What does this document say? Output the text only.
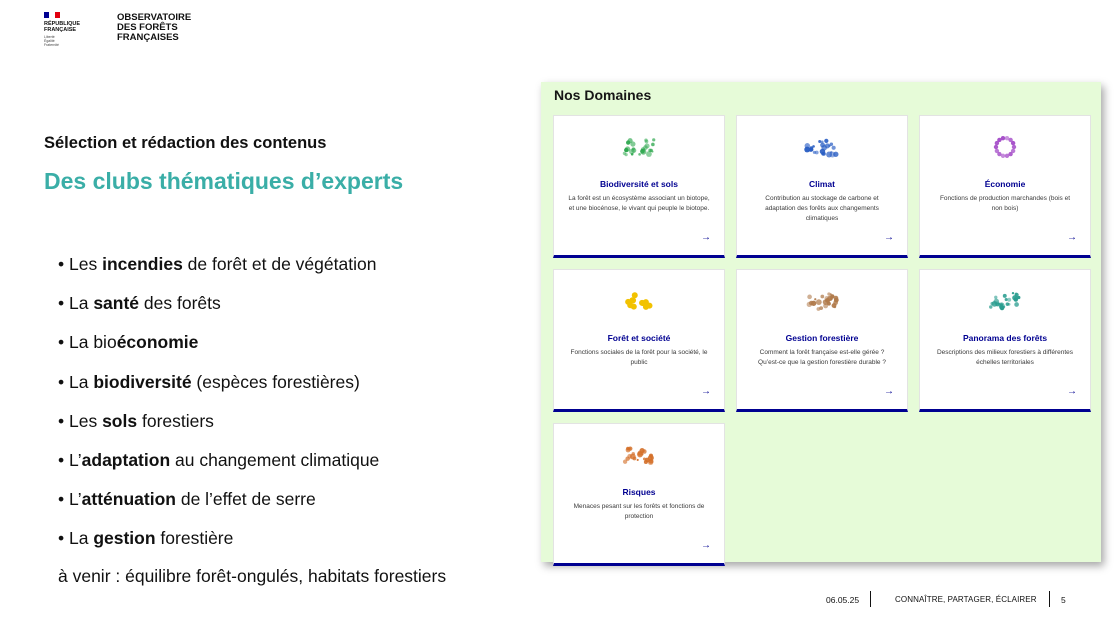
RÉPUBLIQUE
FRANÇAISE
Liberté
Égalité
Fraternité
OBSERVATOIRE
DES FORÊTS
FRANÇAISES
Sélection et rédaction des contenus
Des clubs thématiques d’experts
• Les incendies de forêt et de végétation
• La santé des forêts
• La bioéconomie
• La biodiversité (espèces forestières)
• Les sols forestiers
• L’adaptation au changement climatique
• L’atténuation de l’effet de serre
• La gestion forestière
à venir : équilibre forêt-ongulés, habitats forestiers
Nos Domaines
Biodiversité et sols
La forêt est un écosystème associant un biotope, et une biocénose, le vivant qui peuple le biotope.
→
Climat
Contribution au stockage de carbone et adaptation des forêts aux changements climatiques
→
Économie
Fonctions de production marchandes (bois et non bois)
→
Forêt et société
Fonctions sociales de la forêt pour la société, le public
→
Gestion forestière
Comment la forêt française est-elle gérée ? Qu’est-ce que la gestion forestière durable ?
→
Panorama des forêts
Descriptions des milieux forestiers à différentes échelles territoriales
→
Risques
Menaces pesant sur les forêts et fonctions de protection
→
06.05.25	CONNAÎTRE, PARTAGER, ÉCLAIRER	5
